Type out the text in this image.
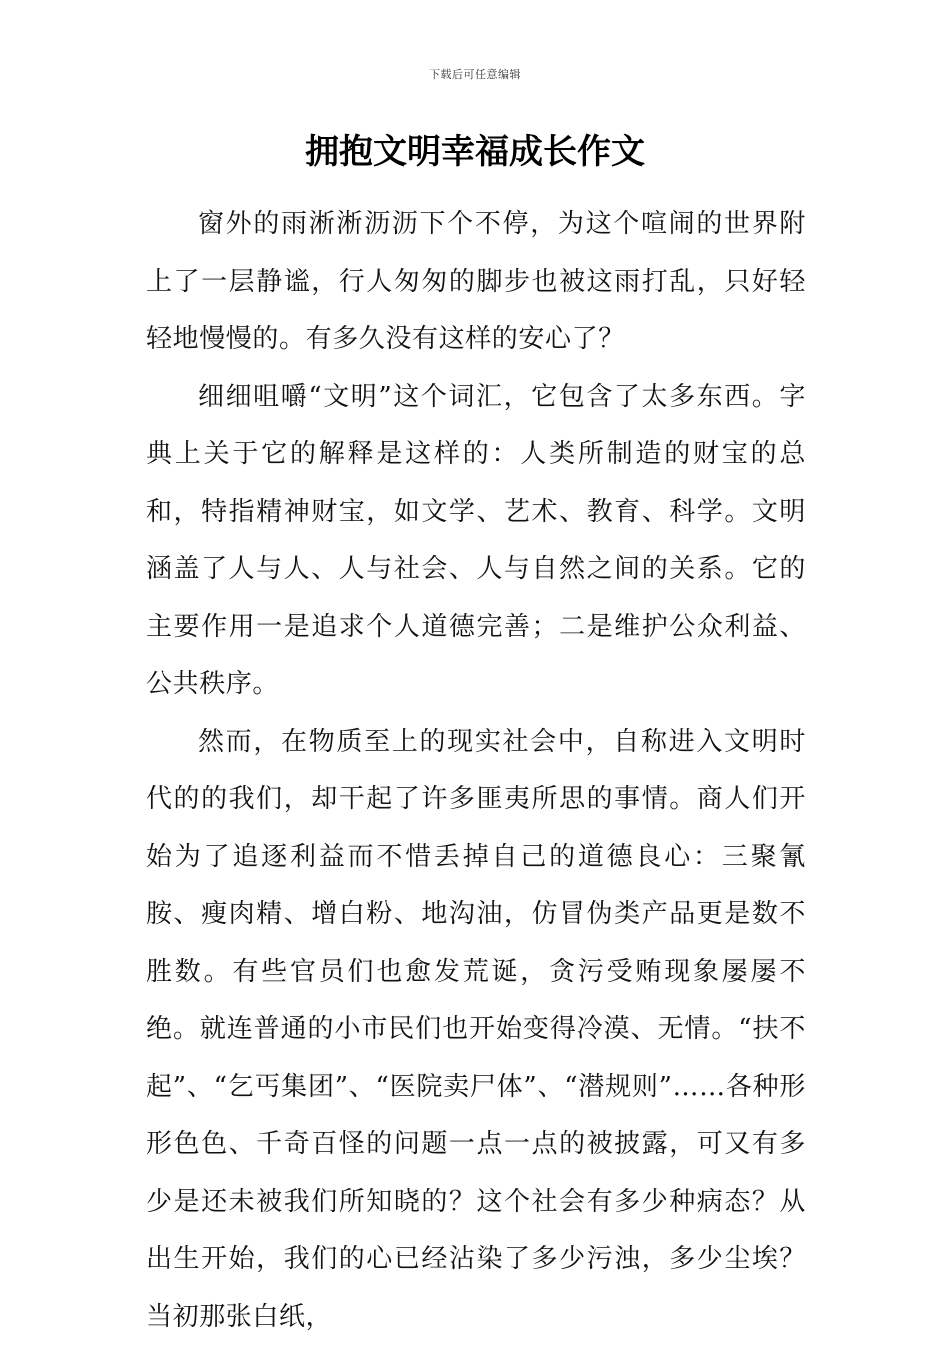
下载后可任意编辑
拥抱文明幸福成长作文

窗外的雨淅淅沥沥下个不停，为这个喧闹的世界附上了一层静谧，行人匆匆的脚步也被这雨打乱，只好轻轻地慢慢的。有多久没有这样的安心了？

细细咀嚼“文明”这个词汇，它包含了太多东西。字典上关于它的解释是这样的：人类所制造的财宝的总和，特指精神财宝，如文学、艺术、教育、科学。文明涵盖了人与人、人与社会、人与自然之间的关系。它的主要作用一是追求个人道德完善；二是维护公众利益、公共秩序。

然而，在物质至上的现实社会中，自称进入文明时代的的我们，却干起了许多匪夷所思的事情。商人们开始为了追逐利益而不惜丢掉自己的道德良心：三聚氰胺、瘦肉精、增白粉、地沟油，仿冒伪类产品更是数不胜数。有些官员们也愈发荒诞，贪污受贿现象屡屡不绝。就连普通的小市民们也开始变得冷漠、无情。“扶不起”、“乞丐集团”、“医院卖尸体”、“潜规则”……各种形形色色、千奇百怪的问题一点一点的被披露，可又有多少是还未被我们所知晓的？这个社会有多少种病态？从出生开始，我们的心已经沾染了多少污浊，多少尘埃？当初那张白纸，
